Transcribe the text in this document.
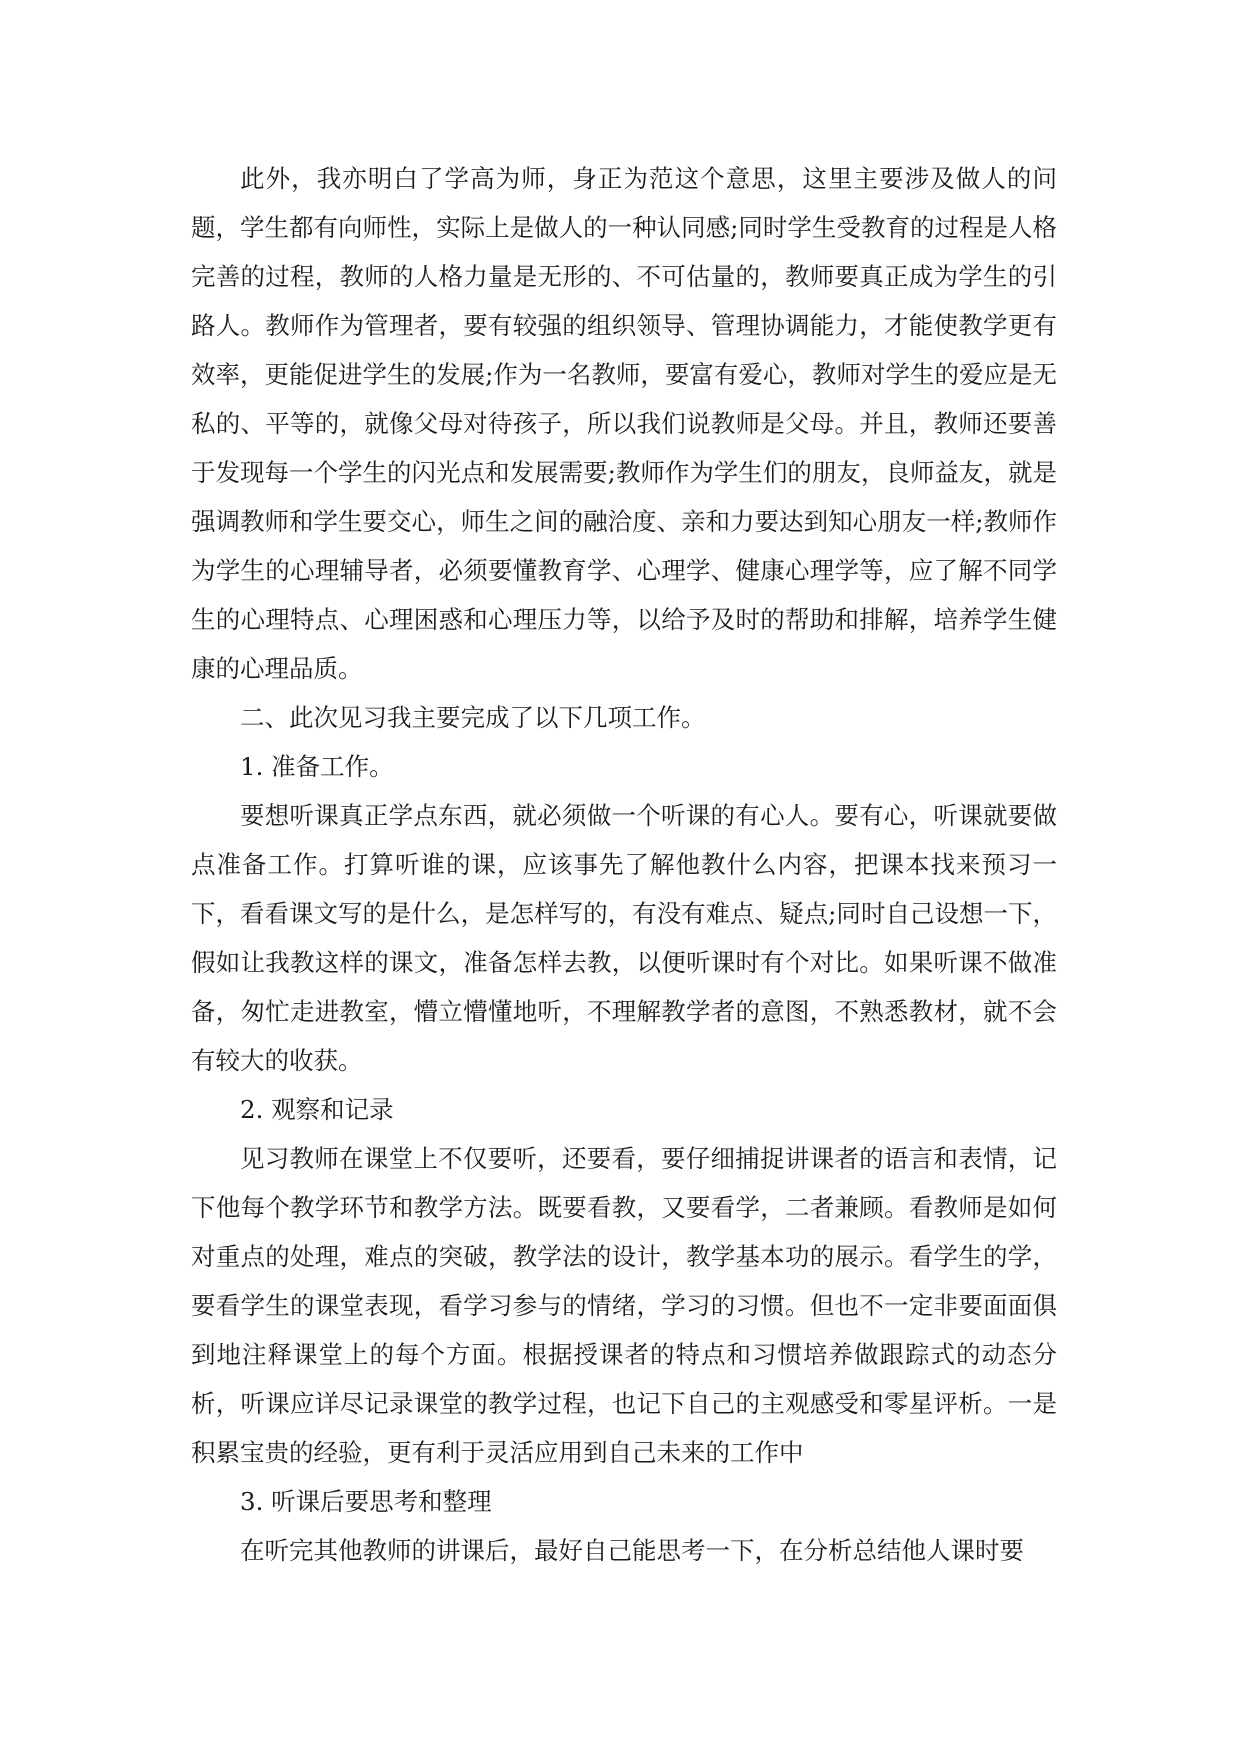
此外，我亦明白了学高为师，身正为范这个意思，这里主要涉及做人的问题，学生都有向师性，实际上是做人的一种认同感;同时学生受教育的过程是人格完善的过程，教师的人格力量是无形的、不可估量的，教师要真正成为学生的引路人。教师作为管理者，要有较强的组织领导、管理协调能力，才能使教学更有效率，更能促进学生的发展;作为一名教师，要富有爱心，教师对学生的爱应是无私的、平等的，就像父母对待孩子，所以我们说教师是父母。并且，教师还要善于发现每一个学生的闪光点和发展需要;教师作为学生们的朋友，良师益友，就是强调教师和学生要交心，师生之间的融洽度、亲和力要达到知心朋友一样;教师作为学生的心理辅导者，必须要懂教育学、心理学、健康心理学等，应了解不同学生的心理特点、心理困惑和心理压力等，以给予及时的帮助和排解，培养学生健康的心理品质。

二、此次见习我主要完成了以下几项工作。

1. 准备工作。

要想听课真正学点东西，就必须做一个听课的有心人。要有心，听课就要做点准备工作。打算听谁的课，应该事先了解他教什么内容，把课本找来预习一下，看看课文写的是什么，是怎样写的，有没有难点、疑点;同时自己设想一下，假如让我教这样的课文，准备怎样去教，以便听课时有个对比。如果听课不做准备，匆忙走进教室，懵立懵懂地听，不理解教学者的意图，不熟悉教材，就不会有较大的收获。

2. 观察和记录

见习教师在课堂上不仅要听，还要看，要仔细捕捉讲课者的语言和表情，记下他每个教学环节和教学方法。既要看教，又要看学，二者兼顾。看教师是如何对重点的处理，难点的突破，教学法的设计，教学基本功的展示。看学生的学，要看学生的课堂表现，看学习参与的情绪，学习的习惯。但也不一定非要面面俱到地注释课堂上的每个方面。根据授课者的特点和习惯培养做跟踪式的动态分析，听课应详尽记录课堂的教学过程，也记下自己的主观感受和零星评析。一是积累宝贵的经验，更有利于灵活应用到自己未来的工作中

3. 听课后要思考和整理

在听完其他教师的讲课后，最好自己能思考一下，在分析总结他人课时要
